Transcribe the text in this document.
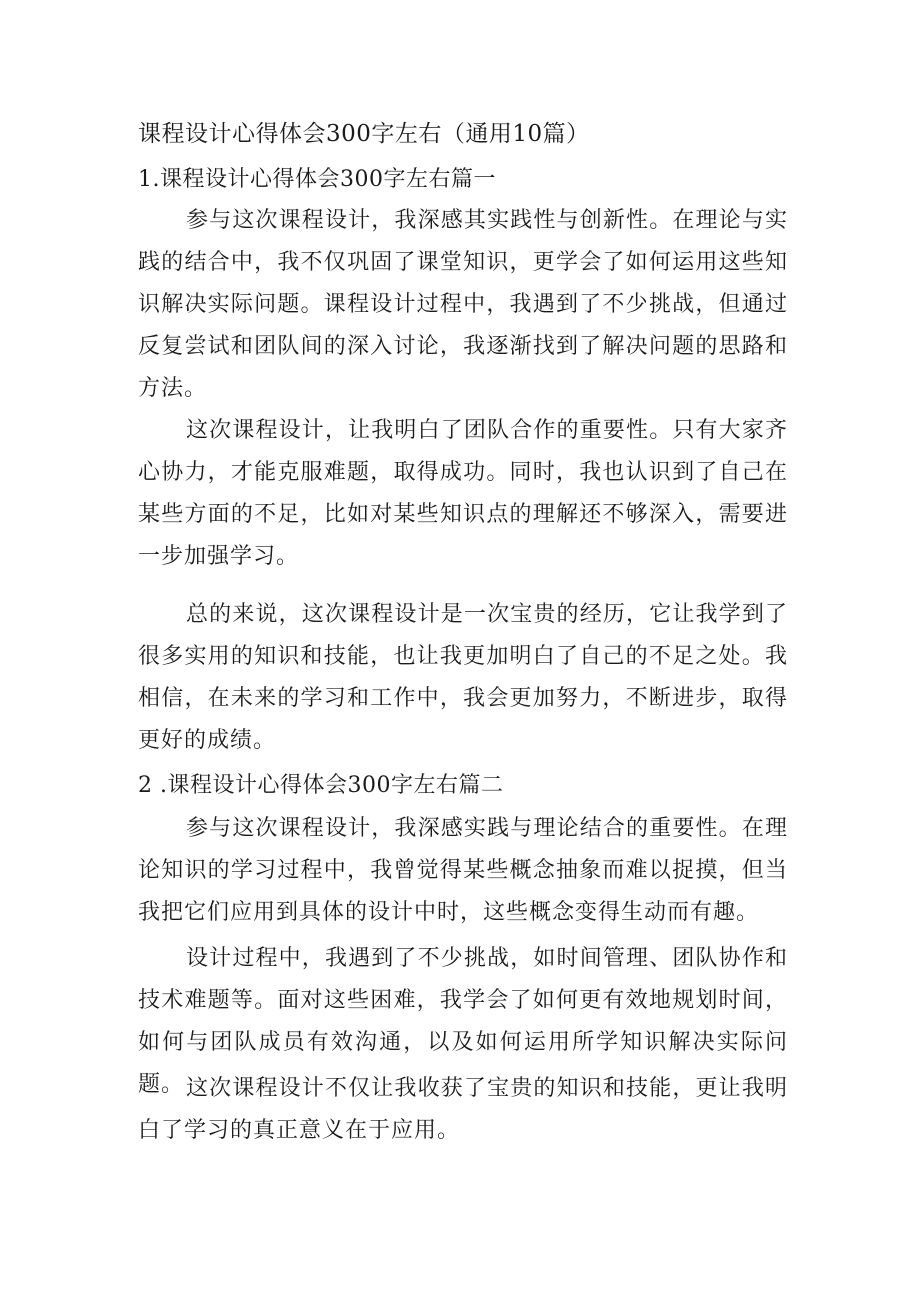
课程设计心得体会300字左右（通用10篇）
1.课程设计心得体会300字左右篇一

参与这次课程设计，我深感其实践性与创新性。在理论与实践的结合中，我不仅巩固了课堂知识，更学会了如何运用这些知识解决实际问题。课程设计过程中，我遇到了不少挑战，但通过反复尝试和团队间的深入讨论，我逐渐找到了解决问题的思路和方法。

这次课程设计，让我明白了团队合作的重要性。只有大家齐心协力，才能克服难题，取得成功。同时，我也认识到了自己在某些方面的不足，比如对某些知识点的理解还不够深入，需要进一步加强学习。

总的来说，这次课程设计是一次宝贵的经历，它让我学到了很多实用的知识和技能，也让我更加明白了自己的不足之处。我相信，在未来的学习和工作中，我会更加努力，不断进步，取得更好的成绩。

2 .课程设计心得体会300字左右篇二

参与这次课程设计，我深感实践与理论结合的重要性。在理论知识的学习过程中，我曾觉得某些概念抽象而难以捉摸，但当我把它们应用到具体的设计中时，这些概念变得生动而有趣。

设计过程中，我遇到了不少挑战，如时间管理、团队协作和技术难题等。面对这些困难，我学会了如何更有效地规划时间，如何与团队成员有效沟通，以及如何运用所学知识解决实际问题。 这次课程设计不仅让我收获了宝贵的知识和技能，更让我明白了学习的真正意义在于应用。
